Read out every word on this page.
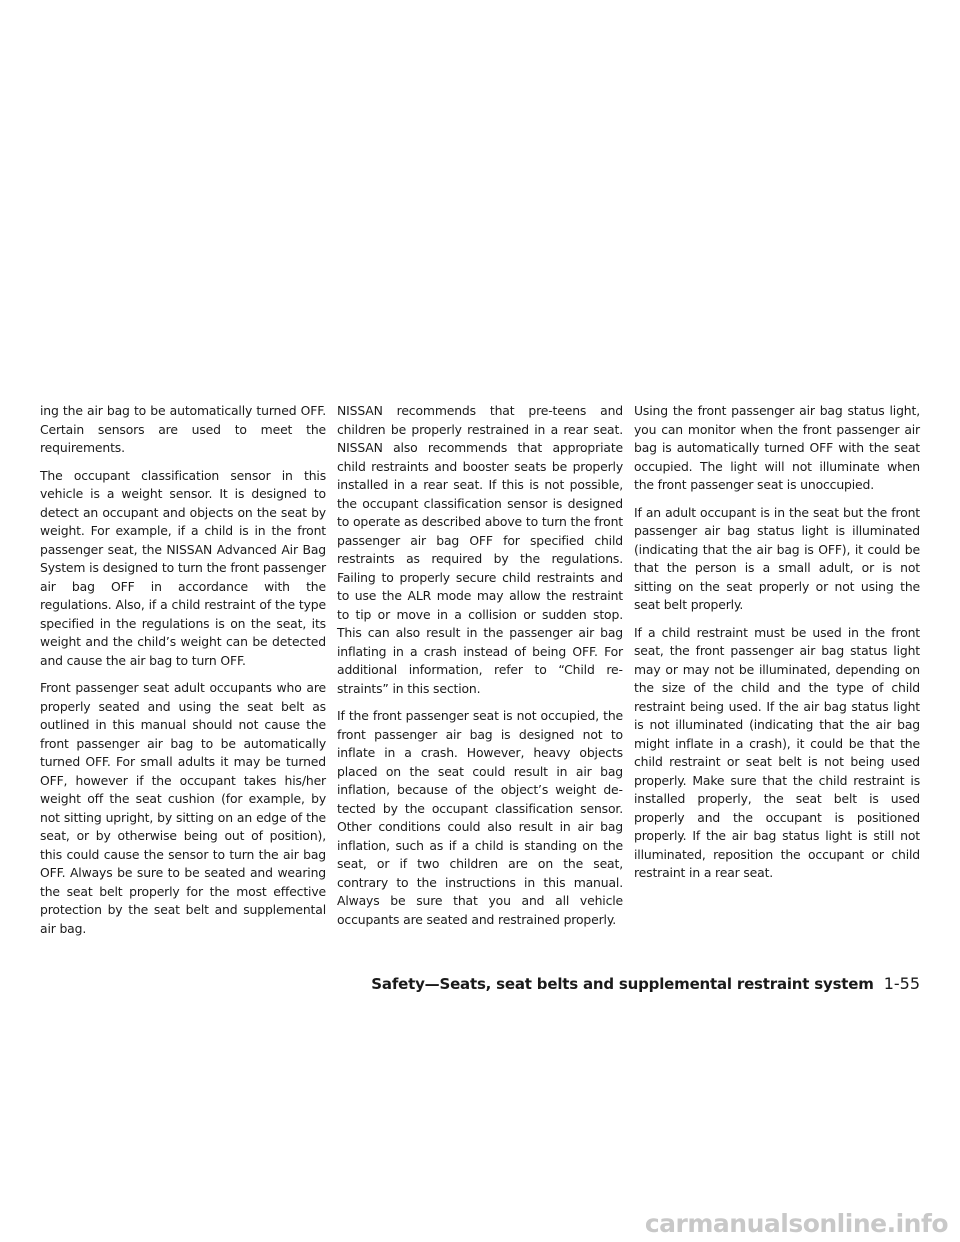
ing the air bag to be automatically turned OFF. Certain sensors are used to meet the requirements.

The occupant classification sensor in this vehicle is a weight sensor. It is designed to detect an occupant and objects on the seat by weight. For example, if a child is in the front passenger seat, the NISSAN Advanced Air Bag System is designed to turn the front passenger air bag OFF in accordance with the regulations. Also, if a child restraint of the type specified in the regulations is on the seat, its weight and the child’s weight can be detected and cause the air bag to turn OFF.

Front passenger seat adult occupants who are properly seated and using the seat belt as outlined in this manual should not cause the front passenger air bag to be automatically turned OFF. For small adults it may be turned OFF, however if the occupant takes his/her weight off the seat cushion (for example, by not sitting upright, by sitting on an edge of the seat, or by otherwise being out of position), this could cause the sensor to turn the air bag OFF. Always be sure to be seated and wearing the seat belt properly for the most effective protection by the seat belt and supplemental air bag.

NISSAN recommends that pre-teens and children be properly restrained in a rear seat. NISSAN also recommends that appropriate child restraints and booster seats be properly installed in a rear seat. If this is not possible, the occupant classification sensor is designed to operate as described above to turn the front passenger air bag OFF for specified child restraints as required by the regulations. Failing to properly secure child restraints and to use the ALR mode may allow the restraint to tip or move in a collision or sudden stop. This can also result in the passenger air bag inflating in a crash instead of being OFF. For additional information, refer to “Child restraints” in this section.

If the front passenger seat is not occupied, the front passenger air bag is designed not to inflate in a crash. However, heavy objects placed on the seat could result in air bag inflation, because of the object’s weight detected by the occupant classification sensor. Other conditions could also result in air bag inflation, such as if a child is standing on the seat, or if two children are on the seat, contrary to the instructions in this manual. Always be sure that you and all vehicle occupants are seated and restrained properly.

Using the front passenger air bag status light, you can monitor when the front passenger air bag is automatically turned OFF with the seat occupied. The light will not illuminate when the front passenger seat is unoccupied.

If an adult occupant is in the seat but the front passenger air bag status light is illuminated (indicating that the air bag is OFF), it could be that the person is a small adult, or is not sitting on the seat properly or not using the seat belt properly.

If a child restraint must be used in the front seat, the front passenger air bag status light may or may not be illuminated, depending on the size of the child and the type of child restraint being used. If the air bag status light is not illuminated (indicating that the air bag might inflate in a crash), it could be that the child restraint or seat belt is not being used properly. Make sure that the child restraint is installed properly, the seat belt is used properly and the occupant is positioned properly. If the air bag status light is still not illuminated, reposition the occupant or child restraint in a rear seat.

Safety—Seats, seat belts and supplemental restraint system 1-55
carmanualsonline.info
